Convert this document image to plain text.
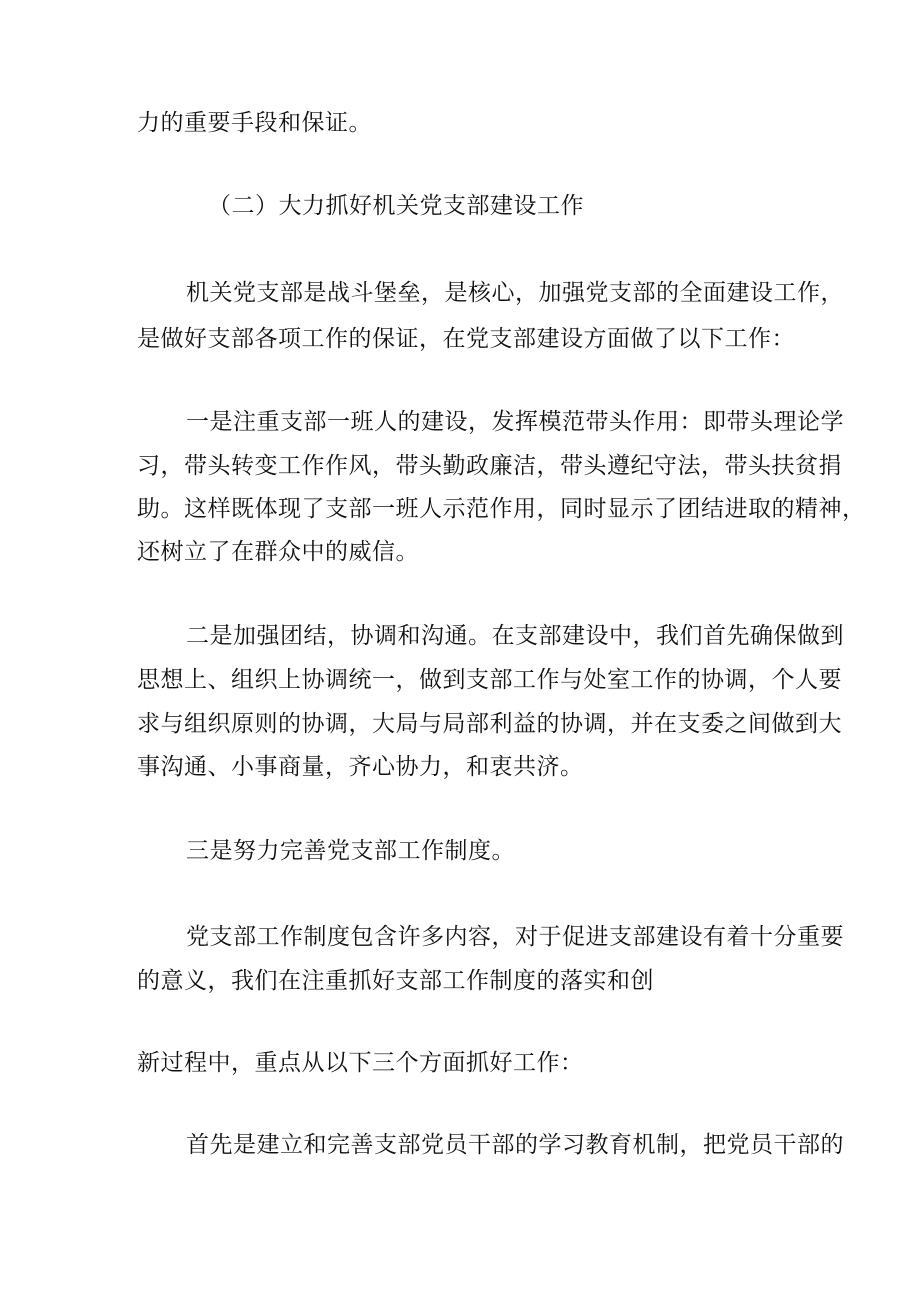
力的重要手段和保证。
（二）大力抓好机关党支部建设工作
机关党支部是战斗堡垒，是核心，加强党支部的全面建设工作，
是做好支部各项工作的保证，在党支部建设方面做了以下工作：
一是注重支部一班人的建设，发挥模范带头作用：即带头理论学
习，带头转变工作作风，带头勤政廉洁，带头遵纪守法，带头扶贫捐
助。这样既体现了支部一班人示范作用，同时显示了团结进取的精神，
还树立了在群众中的威信。
二是加强团结，协调和沟通。在支部建设中，我们首先确保做到
思想上、组织上协调统一，做到支部工作与处室工作的协调，个人要
求与组织原则的协调，大局与局部利益的协调，并在支委之间做到大
事沟通、小事商量，齐心协力，和衷共济。
三是努力完善党支部工作制度。
党支部工作制度包含许多内容，对于促进支部建设有着十分重要
的意义，我们在注重抓好支部工作制度的落实和创
新过程中，重点从以下三个方面抓好工作：
首先是建立和完善支部党员干部的学习教育机制，把党员干部的
